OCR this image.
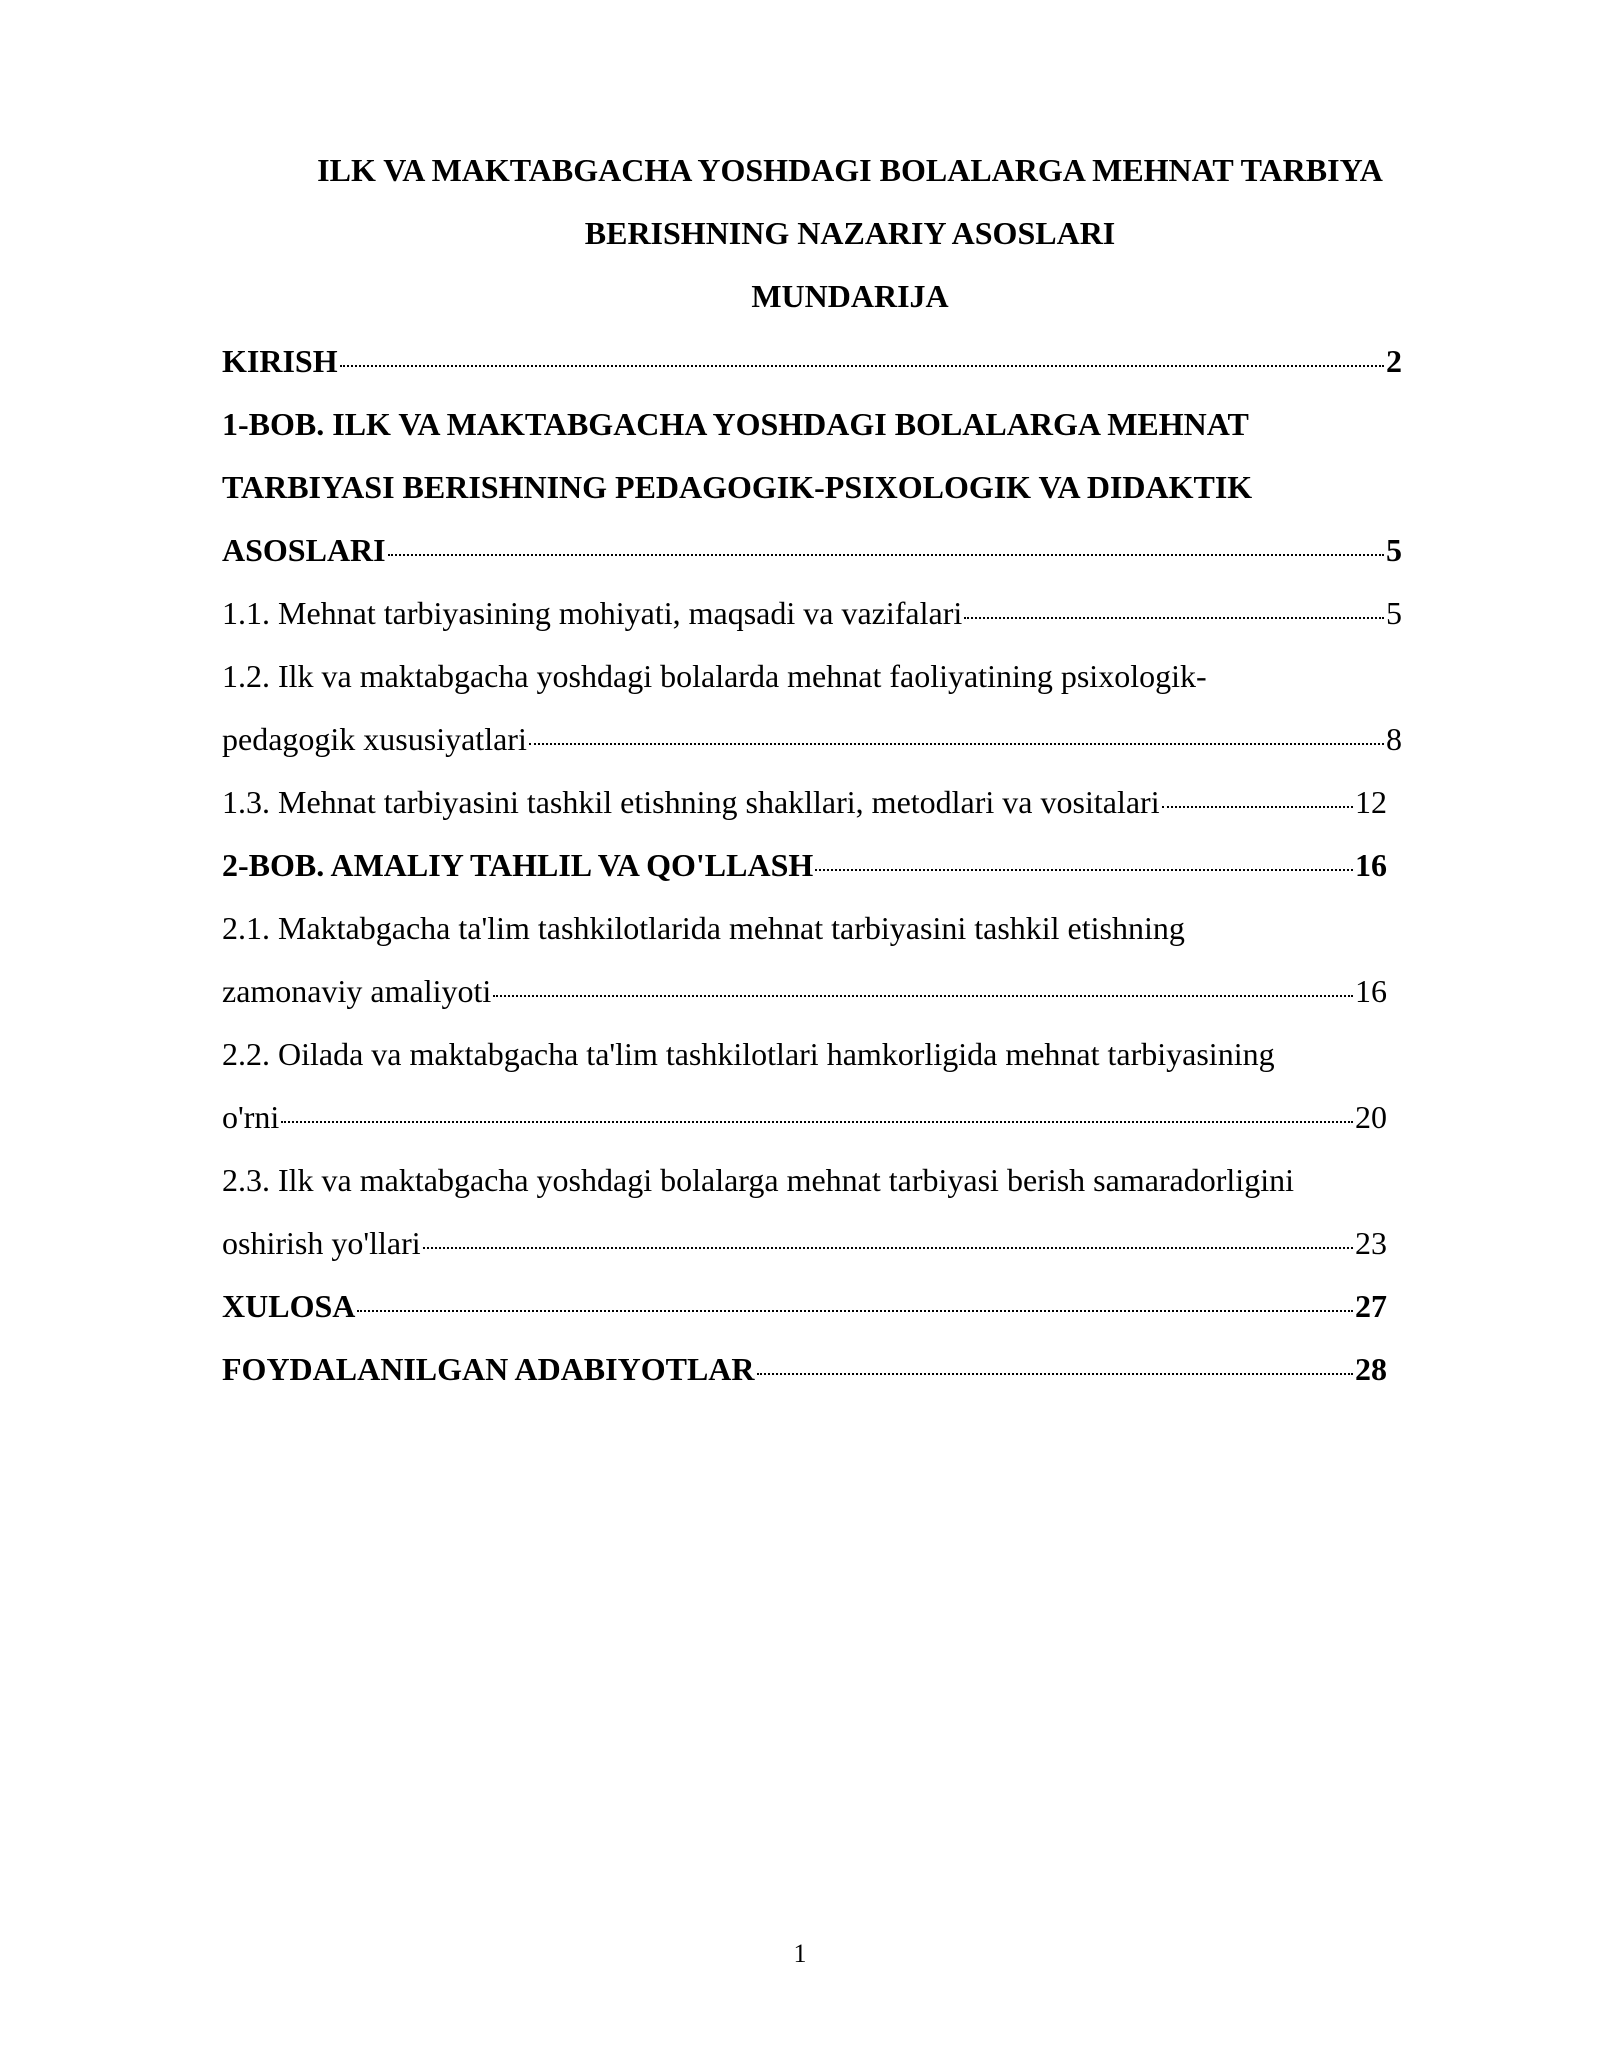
ILK VA MAKTABGACHA YOSHDAGI BOLALARGA MEHNAT TARBIYA
BERISHNING NAZARIY ASOSLARI
MUNDARIJA
KIRISH	2
1-BOB. ILK VA MAKTABGACHA YOSHDAGI BOLALARGA MEHNAT
TARBIYASI BERISHNING PEDAGOGIK-PSIXOLOGIK VA DIDAKTIK
ASOSLARI	5
1.1. Mehnat tarbiyasining mohiyati, maqsadi va vazifalari	5
1.2. Ilk va maktabgacha yoshdagi bolalarda mehnat faoliyatining psixologik-
pedagogik xususiyatlari	8
1.3. Mehnat tarbiyasini tashkil etishning shakllari, metodlari va vositalari	12
2-BOB. AMALIY TAHLIL VA QO'LLASH	16
2.1. Maktabgacha ta'lim tashkilotlarida mehnat tarbiyasini tashkil etishning
zamonaviy amaliyoti	16
2.2. Oilada va maktabgacha ta'lim tashkilotlari hamkorligida mehnat tarbiyasining
o'rni	20
2.3. Ilk va maktabgacha yoshdagi bolalarga mehnat tarbiyasi berish samaradorligini
oshirish yo'llari	23
XULOSA	27
FOYDALANILGAN ADABIYOTLAR	28
1
